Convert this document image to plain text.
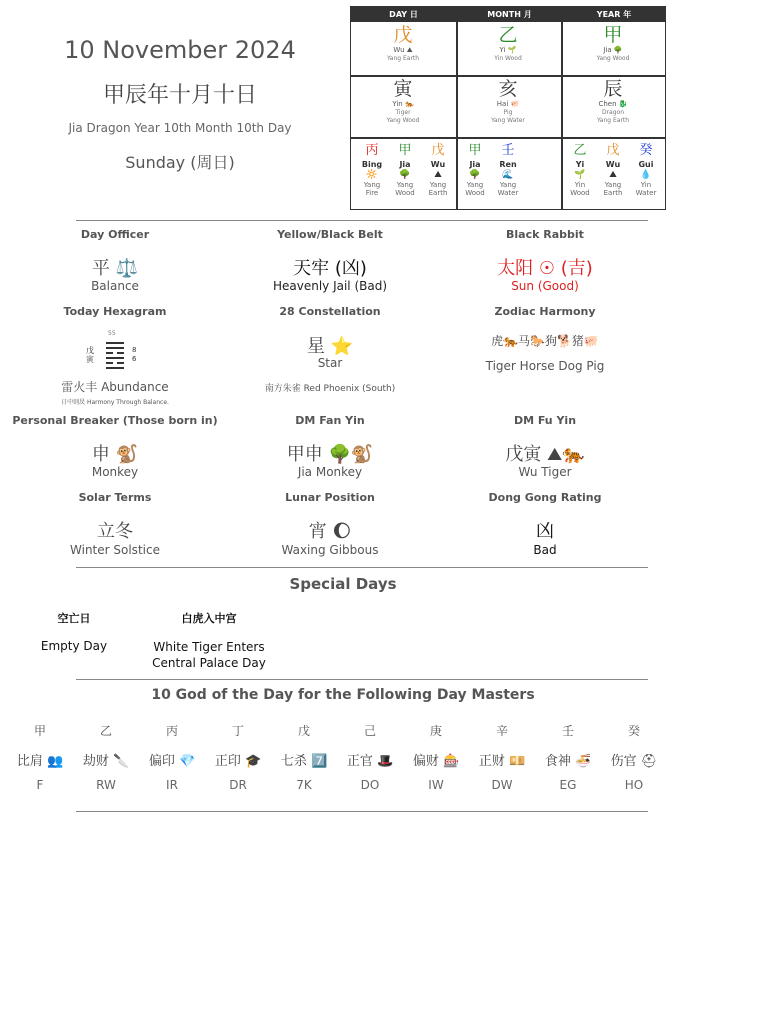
10 November 2024
甲辰年十月十日
Jia Dragon Year 10th Month 10th Day
Sunday (周日)
DAY 日	MONTH 月	YEAR 年
戊
Wu ⛰
Yang Earth
乙
Yi 🌱
Yin Wood
甲
Jia 🌳
Yang Wood
寅
Yin 🐅
Tiger
Yang Wood
亥
Hai 🐖
Pig
Yang Water
辰
Chen 🐉
Dragon
Yang Earth
丙
Bing
🔆
Yang
Fire
甲
Jia
🌳
Yang
Wood
戊
Wu
⛰
Yang
Earth
甲
Jia
🌳
Yang
Wood
壬
Ren
🌊
Yang
Water
乙
Yi
🌱
Yin
Wood
戊
Wu
⛰
Yang
Earth
癸
Gui
💧
Yin
Water
Day Officer
平 ⚖️
Balance
Yellow/Black Belt
天牢 (凶)
Heavenly Jail (Bad)
Black Rabbit
太阳 ☉ (吉)
Sun (Good)
Today Hexagram
55
戊
寅
8
6
雷火丰 Abundance
日中則昃 Harmony Through Balance.
28 Constellation
星 ⭐
Star
南方朱雀 Red Phoenix (South)
Zodiac Harmony
虎🐅马🐎狗🐕猪🐖
Tiger Horse Dog Pig
Personal Breaker (Those born in)
申 🐒
Monkey
DM Fan Yin
甲申 🌳🐒
Jia Monkey
DM Fu Yin
戊寅 ⛰🐅
Wu Tiger
Solar Terms
立冬
Winter Solstice
Lunar Position
宵 🌔
Waxing Gibbous
Dong Gong Rating
凶
Bad
Special Days
空亡日
Empty Day
白虎入中宫
White Tiger Enters Central Palace Day
10 God of the Day for the Following Day Masters
甲
比肩 👥
F
乙
劫财 🔪
RW
丙
偏印 💎
IR
丁
正印 🎓
DR
戊
七杀 7️⃣
7K
己
正官 🎩
DO
庚
偏财 🎰
IW
辛
正财 💴
DW
壬
食神 🍜
EG
癸
伤官 ⛑
HO
